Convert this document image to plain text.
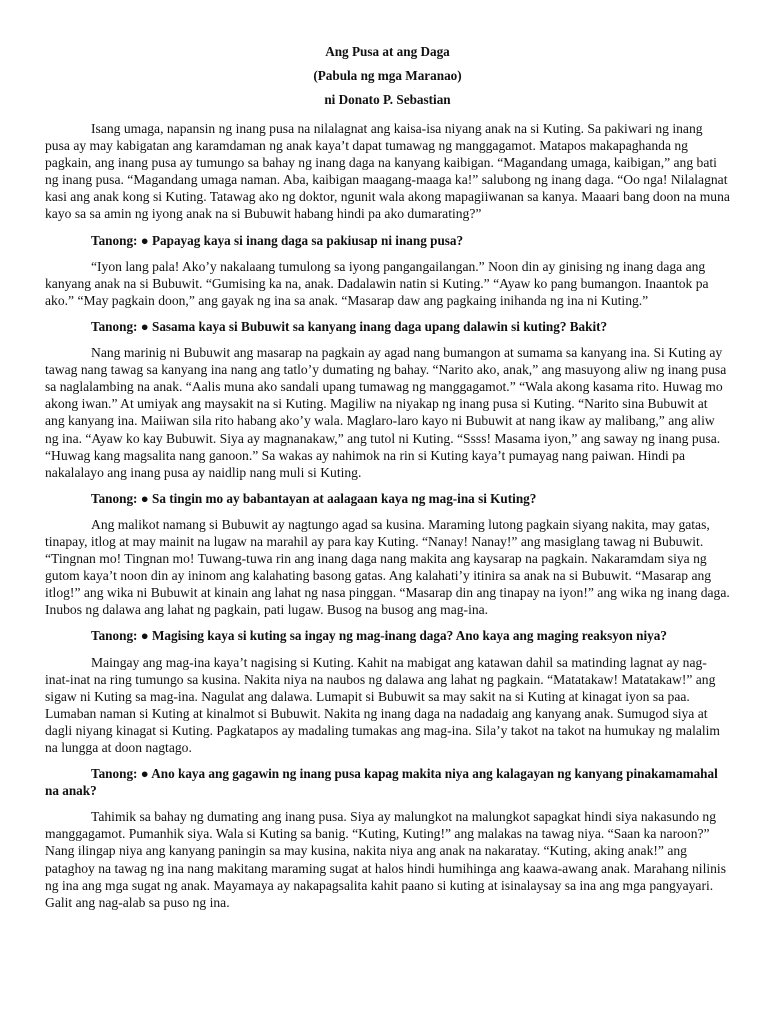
Ang Pusa at ang Daga
(Pabula ng mga Maranao)
ni Donato P. Sebastian

Isang umaga, napansin ng inang pusa na nilalagnat ang kaisa-isa niyang anak na si Kuting. Sa pakiwari ng inang pusa ay may kabigatan ang karamdaman ng anak kaya’t dapat tumawag ng manggagamot. Matapos makapaghanda ng pagkain, ang inang pusa ay tumungo sa bahay ng inang daga na kanyang kaibigan. “Magandang umaga, kaibigan,” ang bati ng inang pusa. “Magandang umaga naman. Aba, kaibigan maagang-maaga ka!” salubong ng inang daga. “Oo nga! Nilalagnat kasi ang anak kong si Kuting. Tatawag ako ng doktor, ngunit wala akong mapagiiwanan sa kanya. Maaari bang doon na muna kayo sa sa amin ng iyong anak na si Bubuwit habang hindi pa ako dumarating?”

Tanong: ● Papayag kaya si inang daga sa pakiusap ni inang pusa?

“Iyon lang pala! Ako’y nakalaang tumulong sa iyong pangangailangan.” Noon din ay ginising ng inang daga ang kanyang anak na si Bubuwit. “Gumising ka na, anak. Dadalawin natin si Kuting.” “Ayaw ko pang bumangon. Inaantok pa ako.” “May pagkain doon,” ang gayak ng ina sa anak. “Masarap daw ang pagkaing inihanda ng ina ni Kuting.”

Tanong: ● Sasama kaya si Bubuwit sa kanyang inang daga upang dalawin si kuting? Bakit?

Nang marinig ni Bubuwit ang masarap na pagkain ay agad nang bumangon at sumama sa kanyang ina. Si Kuting ay tawag nang tawag sa kanyang ina nang ang tatlo’y dumating ng bahay. “Narito ako, anak,” ang masuyong aliw ng inang pusa sa naglalambing na anak. “Aalis muna ako sandali upang tumawag ng manggagamot.” “Wala akong kasama rito. Huwag mo akong iwan.” At umiyak ang maysakit na si Kuting. Magiliw na niyakap ng inang pusa si Kuting. “Narito sina Bubuwit at ang kanyang ina. Maiiwan sila rito habang ako’y wala. Maglaro-laro kayo ni Bubuwit at nang ikaw ay malibang,” ang aliw ng ina. “Ayaw ko kay Bubuwit. Siya ay magnanakaw,” ang tutol ni Kuting. “Ssss! Masama iyon,” ang saway ng inang pusa. “Huwag kang magsalita nang ganoon.” Sa wakas ay nahimok na rin si Kuting kaya’t pumayag nang paiwan. Hindi pa nakalalayo ang inang pusa ay naidlip nang muli si Kuting.

Tanong: ● Sa tingin mo ay babantayan at aalagaan kaya ng mag-ina si Kuting?

Ang malikot namang si Bubuwit ay nagtungo agad sa kusina. Maraming lutong pagkain siyang nakita, may gatas, tinapay, itlog at may mainit na lugaw na marahil ay para kay Kuting. “Nanay! Nanay!” ang masiglang tawag ni Bubuwit. “Tingnan mo! Tingnan mo! Tuwang-tuwa rin ang inang daga nang makita ang kaysarap na pagkain. Nakaramdam siya ng gutom kaya’t noon din ay ininom ang kalahating basong gatas. Ang kalahati’y itinira sa anak na si Bubuwit. “Masarap ang itlog!” ang wika ni Bubuwit at kinain ang lahat ng nasa pinggan. “Masarap din ang tinapay na iyon!” ang wika ng inang daga. Inubos ng dalawa ang lahat ng pagkain, pati lugaw. Busog na busog ang mag-ina.

Tanong: ● Magising kaya si kuting sa ingay ng mag-inang daga? Ano kaya ang maging reaksyon niya?

Maingay ang mag-ina kaya’t nagising si Kuting. Kahit na mabigat ang katawan dahil sa matinding lagnat ay nag-inat-inat na ring tumungo sa kusina. Nakita niya na naubos ng dalawa ang lahat ng pagkain. “Matatakaw! Matatakaw!” ang sigaw ni Kuting sa mag-ina. Nagulat ang dalawa. Lumapit si Bubuwit sa may sakit na si Kuting at kinagat iyon sa paa. Lumaban naman si Kuting at kinalmot si Bubuwit. Nakita ng inang daga na nadadaig ang kanyang anak. Sumugod siya at dagli niyang kinagat si Kuting. Pagkatapos ay madaling tumakas ang mag-ina. Sila’y takot na takot na humukay ng malalim na lungga at doon nagtago.

Tanong: ● Ano kaya ang gagawin ng inang pusa kapag makita niya ang kalagayan ng kanyang pinakamamahal na anak?

Tahimik sa bahay ng dumating ang inang pusa. Siya ay malungkot na malungkot sapagkat hindi siya nakasundo ng manggagamot. Pumanhik siya. Wala si Kuting sa banig. “Kuting, Kuting!” ang malakas na tawag niya. “Saan ka naroon?” Nang ilingap niya ang kanyang paningin sa may kusina, nakita niya ang anak na nakaratay. “Kuting, aking anak!” ang pataghoy na tawag ng ina nang makitang maraming sugat at halos hindi humihinga ang kaawa-awang anak. Marahang nilinis ng ina ang mga sugat ng anak. Mayamaya ay nakapagsalita kahit paano si kuting at isinalaysay sa ina ang mga pangyayari. Galit ang nag-alab sa puso ng ina.
